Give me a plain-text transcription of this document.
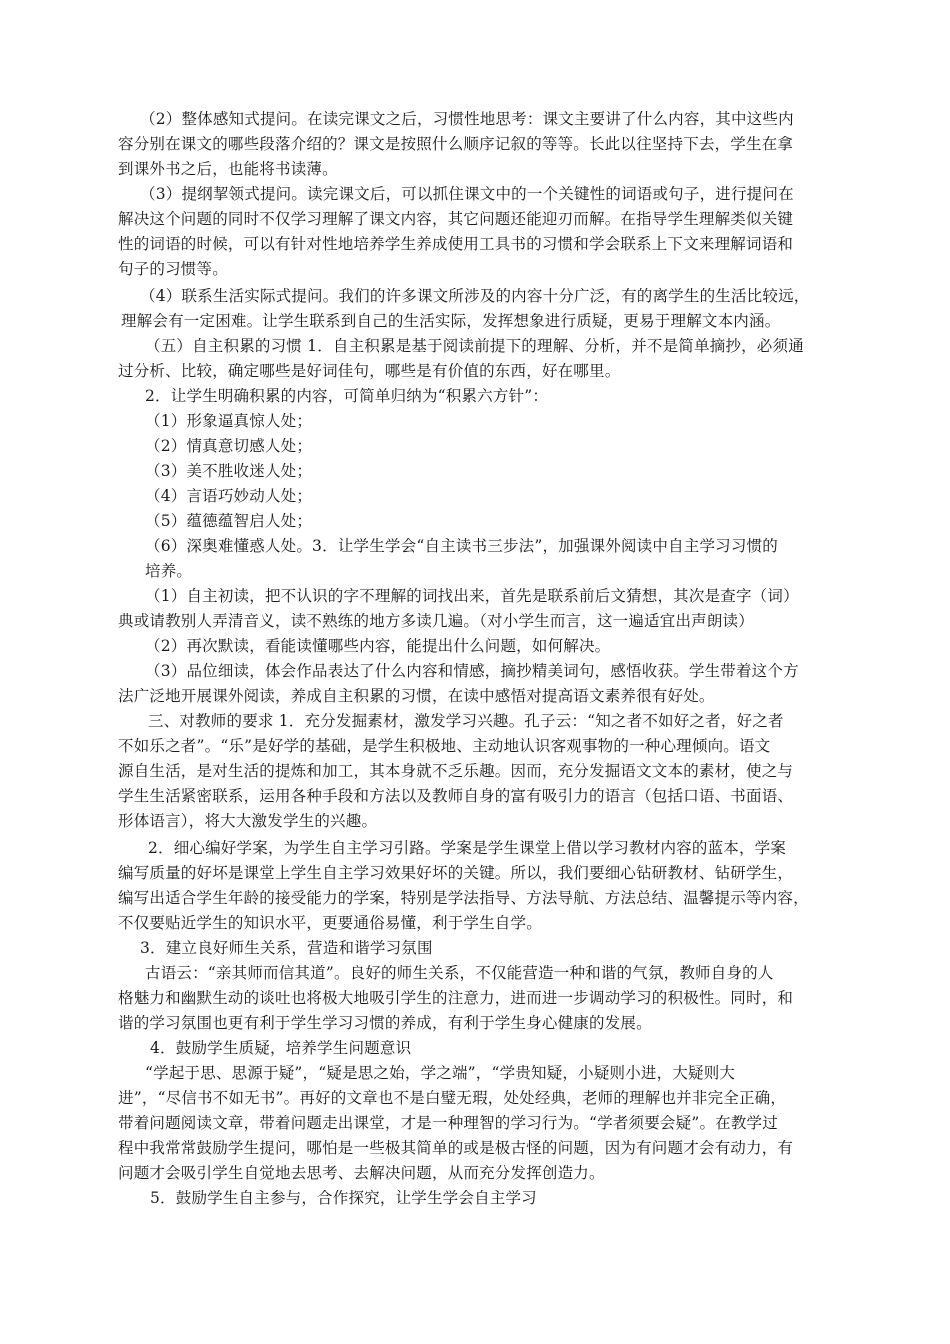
（2）整体感知式提问。在读完课文之后，习惯性地思考：课文主要讲了什么内容，其中这些内
容分别在课文的哪些段落介绍的？课文是按照什么顺序记叙的等等。长此以往坚持下去，学生在拿
到课外书之后，也能将书读薄。
（3）提纲挈领式提问。读完课文后，可以抓住课文中的一个关键性的词语或句子，进行提问在
解决这个问题的同时不仅学习理解了课文内容，其它问题还能迎刃而解。在指导学生理解类似关键
性的词语的时候，可以有针对性地培养学生养成使用工具书的习惯和学会联系上下文来理解词语和
句子的习惯等。
（4）联系生活实际式提问。我们的许多课文所涉及的内容十分广泛，有的离学生的生活比较远，
理解会有一定困难。让学生联系到自己的生活实际，发挥想象进行质疑，更易于理解文本内涵。
（五）自主积累的习惯 1．自主积累是基于阅读前提下的理解、分析，并不是简单摘抄，必须通
过分析、比较，确定哪些是好词佳句，哪些是有价值的东西，好在哪里。
2．让学生明确积累的内容，可简单归纳为“积累六方针”：
（1）形象逼真惊人处；
（2）情真意切感人处；
（3）美不胜收迷人处；
（4）言语巧妙动人处；
（5）蕴德蕴智启人处；
（6）深奥难懂惑人处。3．让学生学会“自主读书三步法”，加强课外阅读中自主学习习惯的
培养。
（1）自主初读，把不认识的字不理解的词找出来，首先是联系前后文猜想，其次是查字（词）
典或请教别人弄清音义，读不熟练的地方多读几遍。（对小学生而言，这一遍适宜出声朗读）
（2）再次默读，看能读懂哪些内容，能提出什么问题，如何解决。
（3）品位细读，体会作品表达了什么内容和情感，摘抄精美词句，感悟收获。学生带着这个方
法广泛地开展课外阅读，养成自主积累的习惯，在读中感悟对提高语文素养很有好处。
三、对教师的要求 1．充分发掘素材，激发学习兴趣。孔子云：“知之者不如好之者，好之者
不如乐之者”。“乐”是好学的基础，是学生积极地、主动地认识客观事物的一种心理倾向。语文
源自生活，是对生活的提炼和加工，其本身就不乏乐趣。因而，充分发掘语文文本的素材，使之与
学生生活紧密联系，运用各种手段和方法以及教师自身的富有吸引力的语言（包括口语、书面语、
形体语言），将大大激发学生的兴趣。
2．细心编好学案，为学生自主学习引路。学案是学生课堂上借以学习教材内容的蓝本，学案
编写质量的好坏是课堂上学生自主学习效果好坏的关键。所以，我们要细心钻研教材、钻研学生，
编写出适合学生年龄的接受能力的学案，特别是学法指导、方法导航、方法总结、温馨提示等内容，
不仅要贴近学生的知识水平，更要通俗易懂，利于学生自学。
3．建立良好师生关系，营造和谐学习氛围
古语云：“亲其师而信其道”。良好的师生关系，不仅能营造一种和谐的气氛，教师自身的人
格魅力和幽默生动的谈吐也将极大地吸引学生的注意力，进而进一步调动学习的积极性。同时，和
谐的学习氛围也更有利于学生学习习惯的养成，有利于学生身心健康的发展。
4．鼓励学生质疑，培养学生问题意识
“学起于思、思源于疑”，“疑是思之始，学之端”，“学贵知疑，小疑则小进，大疑则大
进”，“尽信书不如无书”。再好的文章也不是白璧无瑕，处处经典，老师的理解也并非完全正确，
带着问题阅读文章，带着问题走出课堂，才是一种理智的学习行为。“学者须要会疑”。在教学过
程中我常常鼓励学生提问，哪怕是一些极其简单的或是极古怪的问题，因为有问题才会有动力，有
问题才会吸引学生自觉地去思考、去解决问题，从而充分发挥创造力。
5．鼓励学生自主参与，合作探究，让学生学会自主学习
